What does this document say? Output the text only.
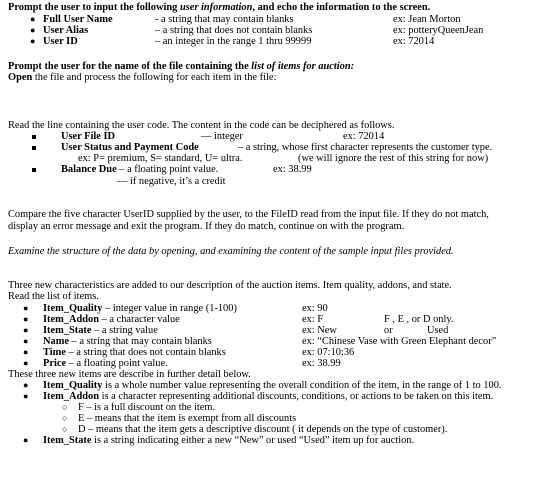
Prompt the user to input the following user information, and echo the information to the screen.
● Full User Name	- a string that may contain blanks	ex: Jean Morton
● User Alias	– a string that does not contain blanks	ex: potteryQueenJean
● User ID	– an integer in the range 1 thru 99999	ex: 72014
Prompt the user for the name of the file containing the list of items for auction:
Open the file and process the following for each item in the file:
Read the line containing the user code. The content in the code can be deciphered as follows.
User File ID	— integer	ex: 72014
User Status and Payment Code	– a string, whose first character represents the customer type.
ex: P= premium, S= standard, U= ultra.	(we will ignore the rest of this string for now)
Balance Due – a floating point value.	ex: 38.99
— if negative, it’s a credit
Compare the five character UserID supplied by the user, to the FileID read from the input file. If they do not match,
display an error message and exit the program. If they do match, continue on with the program.
Examine the structure of the data by opening, and examining the content of the sample input files provided.
Three new characteristics are added to our description of the auction items. Item quality, addons, and state.
Read the list of items.
● Item_Quality – integer value in range (1-100)	ex: 90
● Item_Addon – a character value	ex: F	F , E , or D only.
● Item_State – a string value	ex: New	or	Used
● Name – a string that may contain blanks	ex: “Chinese Vase with Green Elephant decor”
● Time – a string that does not contain blanks	ex: 07:10:36
● Price – a floating point value.	ex: 38.99
These three new items are describe in further detail below.
● Item_Quality is a whole number value representing the overall condition of the item, in the range of 1 to 100.
● Item_Addon is a character representing additional discounts, conditions, or actions to be taken on this item.
○ F – is a full discount on the item.
○ E – means that the item is exempt from all discounts
○ D – means that the item gets a descriptive discount ( it depends on the type of customer).
● Item_State is a string indicating either a new “New” or used “Used” item up for auction.
